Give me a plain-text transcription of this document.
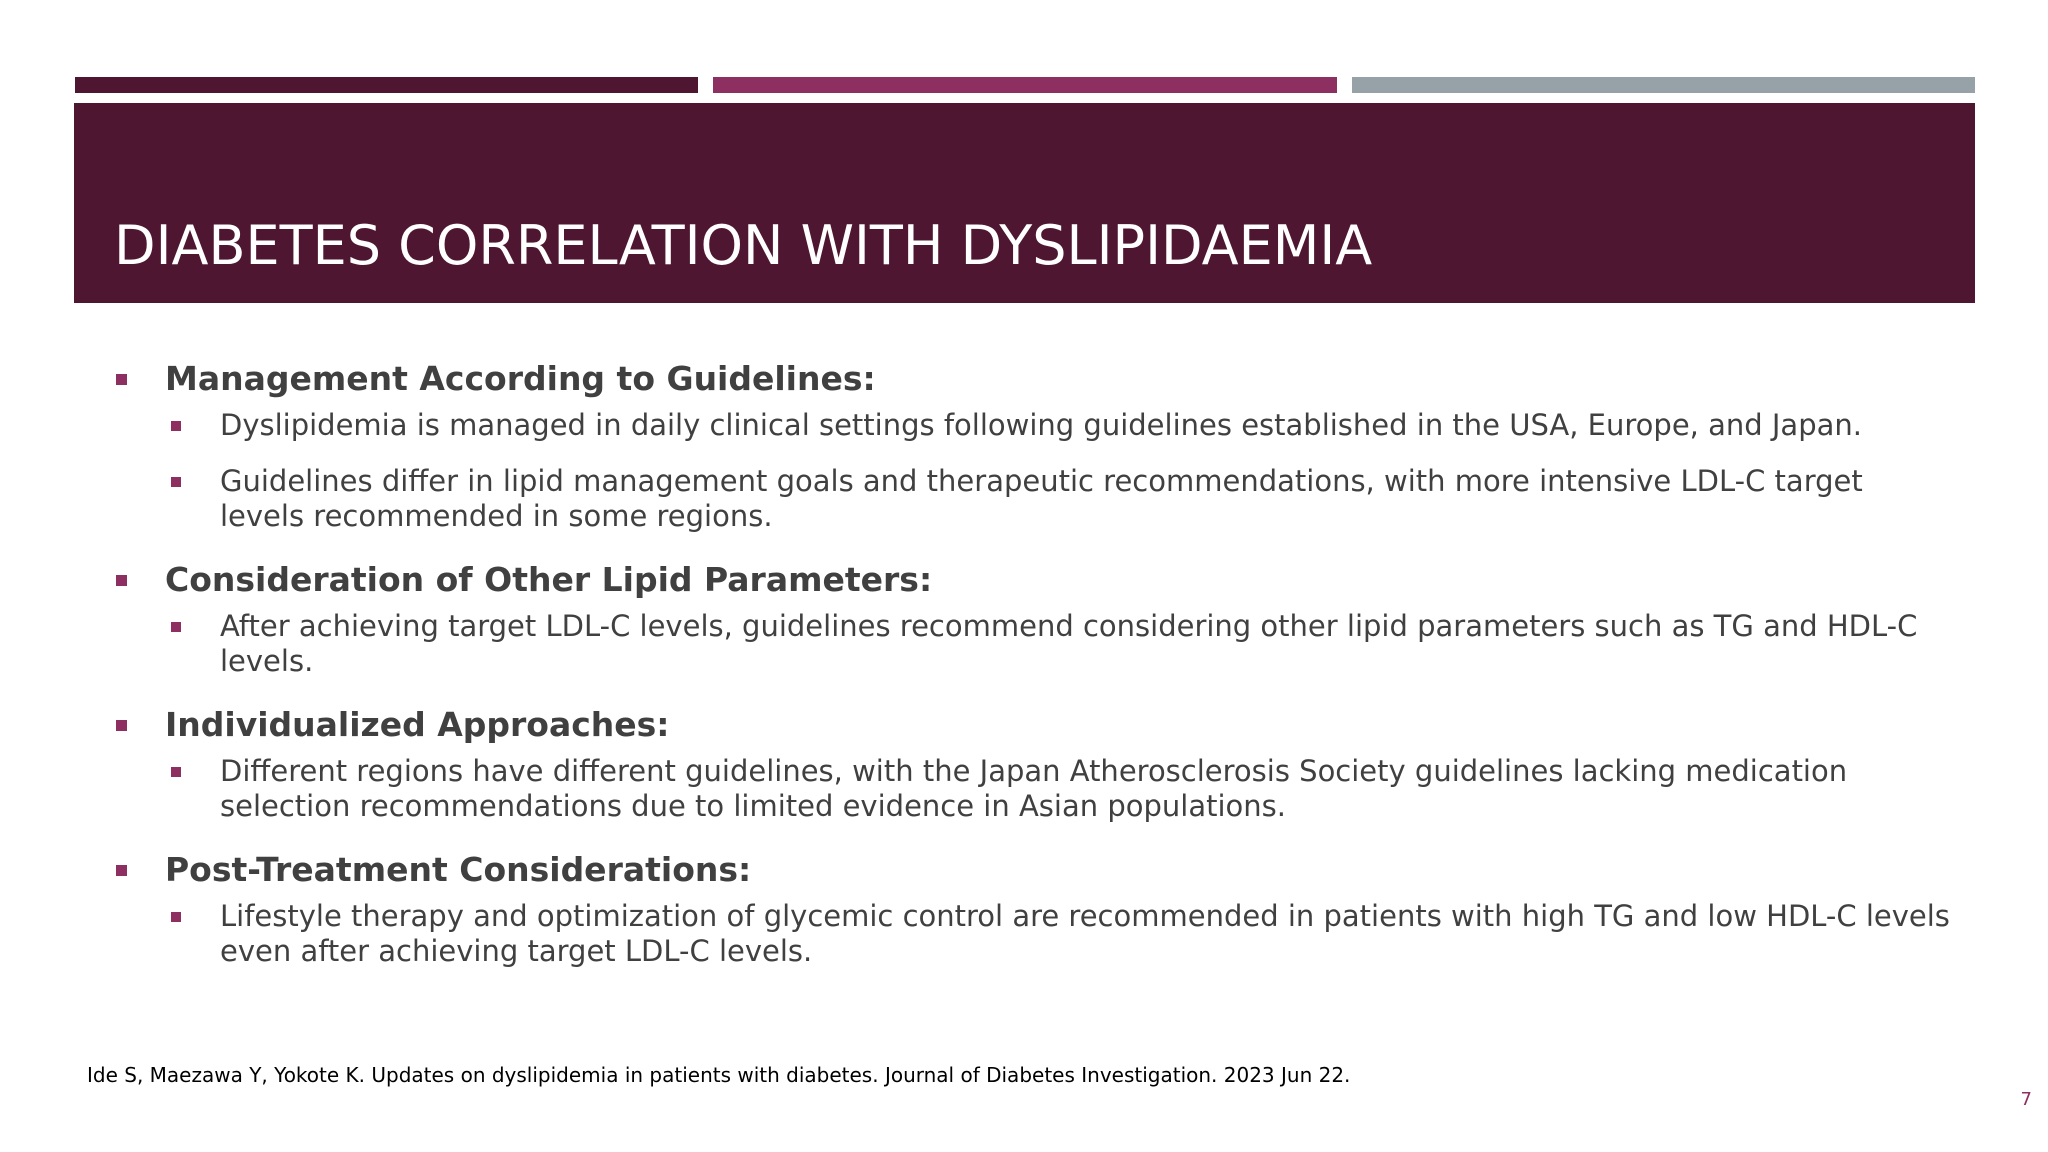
DIABETES CORRELATION WITH DYSLIPIDAEMIA
Management According to Guidelines:
Dyslipidemia is managed in daily clinical settings following guidelines established in the USA, Europe, and Japan.
Guidelines differ in lipid management goals and therapeutic recommendations, with more intensive LDL-C target levels recommended in some regions.
Consideration of Other Lipid Parameters:
After achieving target LDL-C levels, guidelines recommend considering other lipid parameters such as TG and HDL-C levels.
Individualized Approaches:
Different regions have different guidelines, with the Japan Atherosclerosis Society guidelines lacking medication selection recommendations due to limited evidence in Asian populations.
Post-Treatment Considerations:
Lifestyle therapy and optimization of glycemic control are recommended in patients with high TG and low HDL-C levels even after achieving target LDL-C levels.
Ide S, Maezawa Y, Yokote K. Updates on dyslipidemia in patients with diabetes. Journal of Diabetes Investigation. 2023 Jun 22.
7
